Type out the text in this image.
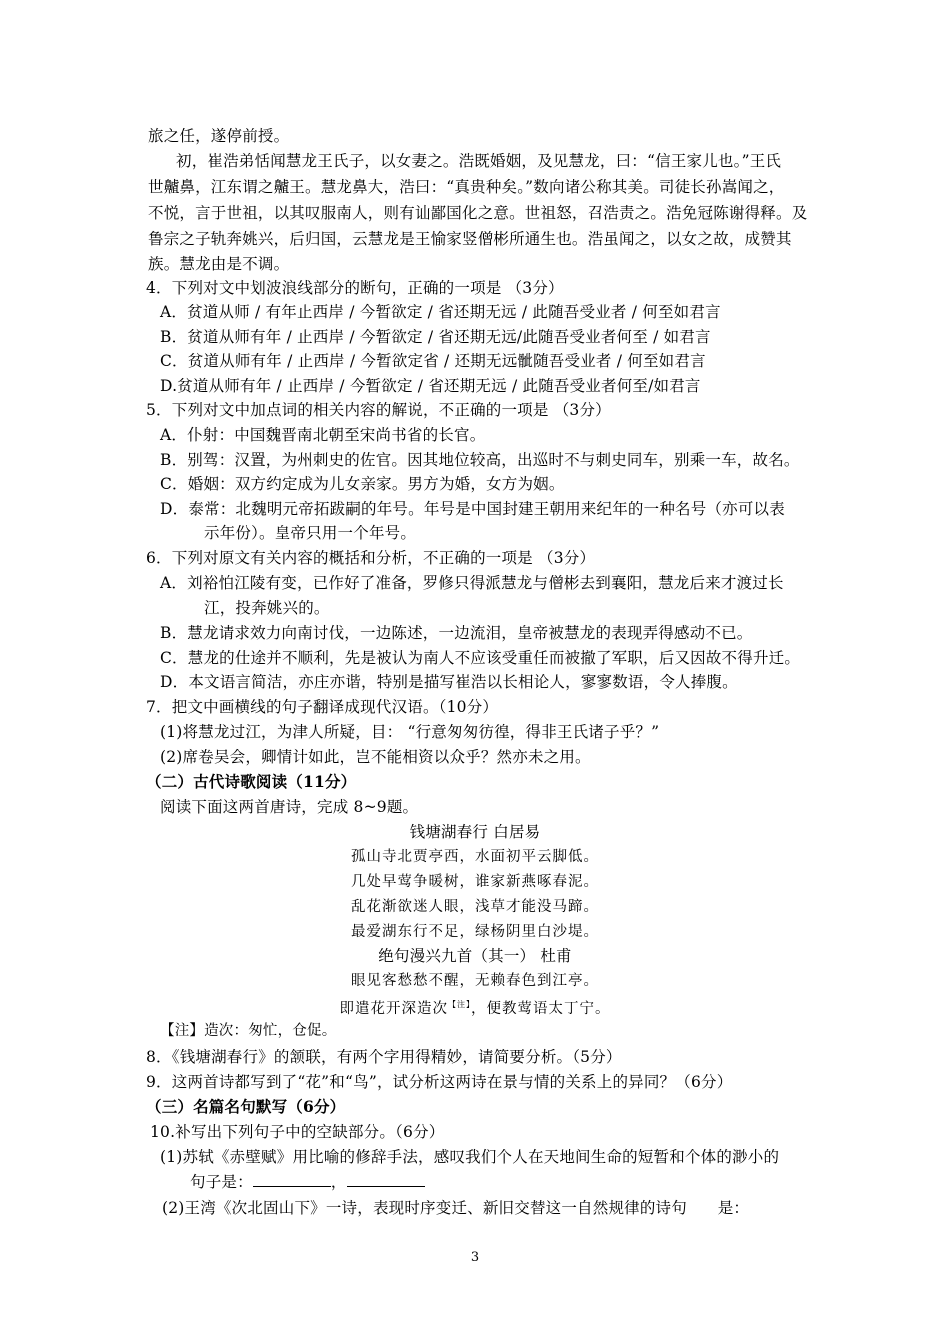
旅之任，遂停前授。
初，崔浩弟恬闻慧龙王氏子，以女妻之。浩既婚姻，及见慧龙，曰：“信王家儿也。”王氏
世齇鼻，江东谓之齇王。慧龙鼻大，浩曰：“真贵种矣。”数向诸公称其美。司徒长孙嵩闻之，
不悦，言于世祖，以其叹服南人，则有讪鄙国化之意。世祖怒，召浩责之。浩免冠陈谢得释。及
鲁宗之子轨奔姚兴，后归国，云慧龙是王愉家竖僧彬所通生也。浩虽闻之，以女之故，成赞其
族。慧龙由是不调。
4．下列对文中划波浪线部分的断句，正确的一项是 （3分）
A．贫道从师 / 有年止西岸 / 今暂欲定 / 省还期无远 / 此随吾受业者 / 何至如君言
B．贫道从师有年 / 止西岸 / 今暂欲定 / 省还期无远/此随吾受业者何至 / 如君言
C．贫道从师有年 / 止西岸 / 今暂欲定省 / 还期无远骴随吾受业者 / 何至如君言
D.贫道从师有年 / 止西岸 / 今暂欲定 / 省还期无远 / 此随吾受业者何至/如君言
5．下列对文中加点词的相关内容的解说，不正确的一项是 （3分）
A．仆射：中国魏晋南北朝至宋尚书省的长官。
B．别驾：汉置，为州刺史的佐官。因其地位较高，出巡时不与刺史同车，别乘一车，故名。
C．婚姻：双方约定成为儿女亲家。男方为婚，女方为姻。
D．泰常：北魏明元帝拓跋嗣的年号。年号是中国封建王朝用来纪年的一种名号（亦可以表
示年份）。皇帝只用一个年号。
6．下列对原文有关内容的概括和分析，不正确的一项是 （3分）
A．刘裕怕江陵有变，已作好了准备，罗修只得派慧龙与僧彬去到襄阳，慧龙后来才渡过长
江，投奔姚兴的。
B．慧龙请求效力向南讨伐，一边陈述，一边流泪，皇帝被慧龙的表现弄得感动不已。
C．慧龙的仕途并不顺利，先是被认为南人不应该受重任而被撤了军职，后又因故不得升迁。
D．本文语言简洁，亦庄亦谐，特别是描写崔浩以长相论人，寥寥数语，令人捧腹。
7．把文中画横线的句子翻译成现代汉语。（10分）
(1)将慧龙过江，为津人所疑，目： “行意匆匆彷徨，得非王氏诸子乎？”
(2)席卷吴会，卿情计如此，岂不能相资以众乎？然亦未之用。
（二）古代诗歌阅读（11分）
阅读下面这两首唐诗，完成 8~9题。
钱塘湖春行 白居易
孤山寺北贾亭西，水面初平云脚低。
几处早莺争暖树，谁家新燕啄春泥。
乱花渐欲迷人眼，浅草才能没马蹄。
最爱湖东行不足，绿杨阴里白沙堤。
绝句漫兴九首（其一） 杜甫
眼见客愁愁不醒，无赖春色到江亭。
即遣花开深造次$^{【注】}$，便教莺语太丁宁。
【注】造次：匆忙，仓促。
8．《钱塘湖春行》的颔联，有两个字用得精妙，请简要分析。（5分）
9．这两首诗都写到了“花”和“鸟”，试分析这两诗在景与情的关系上的异同？（6分）
（三）名篇名句默写（6分）
10.补写出下列句子中的空缺部分。（6分）
(1)苏轼《赤壁赋》用比喻的修辞手法，感叹我们个人在天地间生命的短暂和个体的渺小的
句子是：	，
(2)王湾《次北固山下》一诗，表现时序变迁、新旧交替这一自然规律的诗句      是：
3
